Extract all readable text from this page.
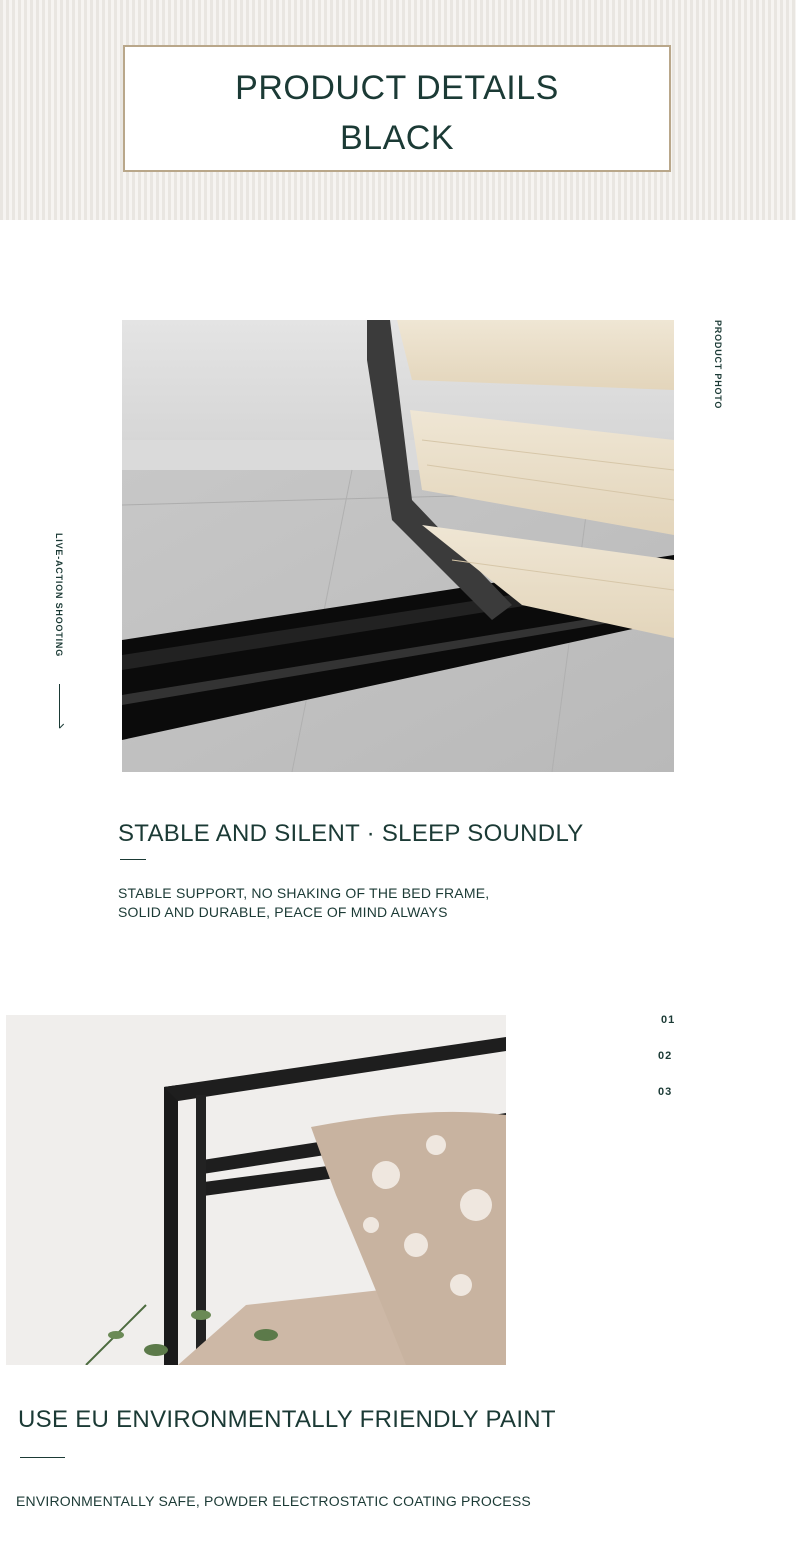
PRODUCT DETAILS
BLACK
PRODUCT PHOTO
LIVE-ACTION SHOOTING
STABLE AND SILENT · SLEEP SOUNDLY
STABLE SUPPORT, NO SHAKING OF THE BED FRAME,
SOLID AND DURABLE, PEACE OF MIND ALWAYS
01
02
03
USE EU ENVIRONMENTALLY FRIENDLY PAINT
ENVIRONMENTALLY SAFE, POWDER ELECTROSTATIC COATING PROCESS
